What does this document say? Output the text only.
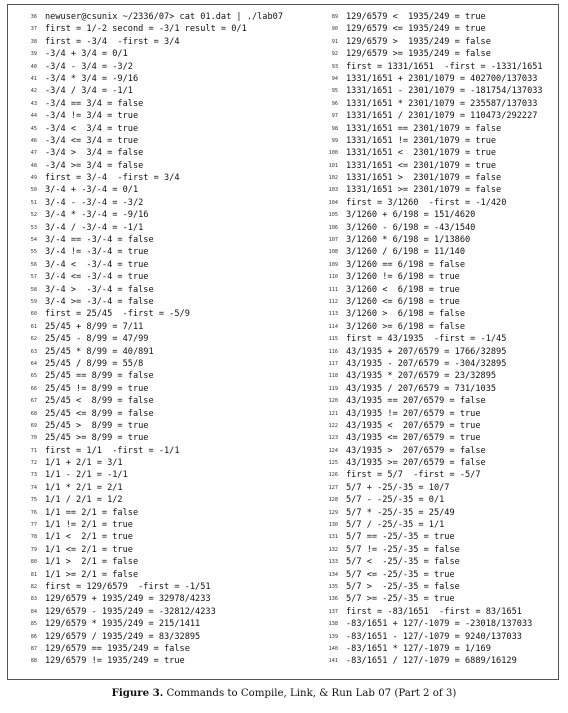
36 newuser@csunix ~/2336/07> cat 01.dat | ./lab07
37 first = 1/-2 second = -3/1 result = 0/1
38 first = -3/4  -first = 3/4
39 -3/4 + 3/4 = 0/1
40 -3/4 - 3/4 = -3/2
41 -3/4 * 3/4 = -9/16
42 -3/4 / 3/4 = -1/1
43 -3/4 == 3/4 = false
44 -3/4 != 3/4 = true
45 -3/4 <  3/4 = true
46 -3/4 <= 3/4 = true
47 -3/4 >  3/4 = false
48 -3/4 >= 3/4 = false
49 first = 3/-4  -first = 3/4
50 3/-4 + -3/-4 = 0/1
51 3/-4 - -3/-4 = -3/2
52 3/-4 * -3/-4 = -9/16
53 3/-4 / -3/-4 = -1/1
54 3/-4 == -3/-4 = false
55 3/-4 != -3/-4 = true
56 3/-4 <  -3/-4 = true
57 3/-4 <= -3/-4 = true
58 3/-4 >  -3/-4 = false
59 3/-4 >= -3/-4 = false
60 first = 25/45  -first = -5/9
61 25/45 + 8/99 = 7/11
62 25/45 - 8/99 = 47/99
63 25/45 * 8/99 = 40/891
64 25/45 / 8/99 = 55/8
65 25/45 == 8/99 = false
66 25/45 != 8/99 = true
67 25/45 <  8/99 = false
68 25/45 <= 8/99 = false
69 25/45 >  8/99 = true
70 25/45 >= 8/99 = true
71 first = 1/1  -first = -1/1
72 1/1 + 2/1 = 3/1
73 1/1 - 2/1 = -1/1
74 1/1 * 2/1 = 2/1
75 1/1 / 2/1 = 1/2
76 1/1 == 2/1 = false
77 1/1 != 2/1 = true
78 1/1 <  2/1 = true
79 1/1 <= 2/1 = true
80 1/1 >  2/1 = false
81 1/1 >= 2/1 = false
82 first = 129/6579  -first = -1/51
83 129/6579 + 1935/249 = 32978/4233
84 129/6579 - 1935/249 = -32812/4233
85 129/6579 * 1935/249 = 215/1411
86 129/6579 / 1935/249 = 83/32895
87 129/6579 == 1935/249 = false
88 129/6579 != 1935/249 = true
89 129/6579 <  1935/249 = true
90 129/6579 <= 1935/249 = true
91 129/6579 >  1935/249 = false
92 129/6579 >= 1935/249 = false
93 first = 1331/1651  -first = -1331/1651
94 1331/1651 + 2301/1079 = 402700/137033
95 1331/1651 - 2301/1079 = -181754/137033
96 1331/1651 * 2301/1079 = 235587/137033
97 1331/1651 / 2301/1079 = 110473/292227
98 1331/1651 == 2301/1079 = false
99 1331/1651 != 2301/1079 = true
100 1331/1651 <  2301/1079 = true
101 1331/1651 <= 2301/1079 = true
102 1331/1651 >  2301/1079 = false
103 1331/1651 >= 2301/1079 = false
104 first = 3/1260  -first = -1/420
105 3/1260 + 6/198 = 151/4620
106 3/1260 - 6/198 = -43/1540
107 3/1260 * 6/198 = 1/13860
108 3/1260 / 6/198 = 11/140
109 3/1260 == 6/198 = false
110 3/1260 != 6/198 = true
111 3/1260 <  6/198 = true
112 3/1260 <= 6/198 = true
113 3/1260 >  6/198 = false
114 3/1260 >= 6/198 = false
115 first = 43/1935  -first = -1/45
116 43/1935 + 207/6579 = 1766/32895
117 43/1935 - 207/6579 = -304/32895
118 43/1935 * 207/6579 = 23/32895
119 43/1935 / 207/6579 = 731/1035
120 43/1935 == 207/6579 = false
121 43/1935 != 207/6579 = true
122 43/1935 <  207/6579 = true
123 43/1935 <= 207/6579 = true
124 43/1935 >  207/6579 = false
125 43/1935 >= 207/6579 = false
126 first = 5/7  -first = -5/7
127 5/7 + -25/-35 = 10/7
128 5/7 - -25/-35 = 0/1
129 5/7 * -25/-35 = 25/49
130 5/7 / -25/-35 = 1/1
131 5/7 == -25/-35 = true
132 5/7 != -25/-35 = false
133 5/7 <  -25/-35 = false
134 5/7 <= -25/-35 = true
135 5/7 >  -25/-35 = false
136 5/7 >= -25/-35 = true
137 first = -83/1651  -first = 83/1651
138 -83/1651 + 127/-1079 = -23018/137033
139 -83/1651 - 127/-1079 = 9240/137033
140 -83/1651 * 127/-1079 = 1/169
141 -83/1651 / 127/-1079 = 6889/16129
Figure 3. Commands to Compile, Link, & Run Lab 07 (Part 2 of 3)
